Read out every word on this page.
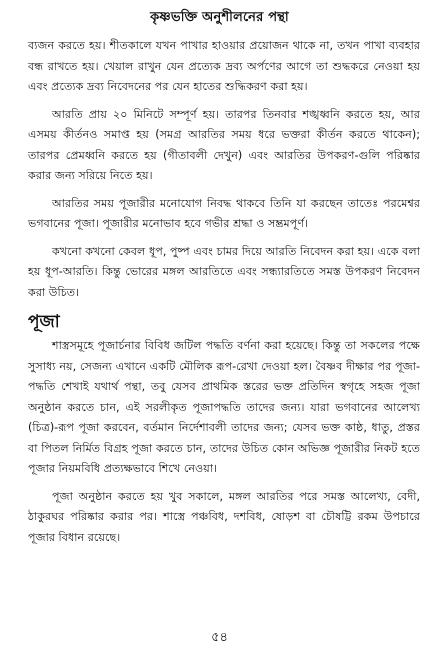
কৃষ্ণভক্তি অনুশীলনের পন্থা

ব্যজন করতে হয়। শীতকালে যখন পাখার হাওয়ার প্রয়োজন থাকে না, তখন পাখা ব্যবহার বন্ধ রাখতে হয়। খেয়াল রাখুন যেন প্রত্যেক দ্রব্য অর্পণের আগে তা শুদ্ধকরে নেওয়া হয় এবং প্রত্যেক দ্রব্য নিবেদনের পর যেন হাতের শুদ্ধিকরণ করা হয়।

আরতি প্রায় ২০ মিনিটে সম্পূর্ণ হয়। তারপর তিনবার শঙ্খধ্বনি করতে হয়, আর এসময় কীর্তনও সমাপ্ত হয় (সমগ্র আরতির সময় ধরে ভক্তরা কীর্তন করতে থাকেন); তারপর প্রেমধ্বনি করতে হয় (গীতাবলী দেখুন) এবং আরতির উপকরণ-গুলি পরিষ্কার করার জন্য সরিয়ে নিতে হয়।

আরতির সময় পূজারীর মনোযোগ নিবদ্ধ থাকবে তিনি যা করছেন তাতেঃ পরমেশ্বর ভগবানের পূজা। পূজারীর মনোভাব হবে গভীর শ্রদ্ধা ও সম্ভ্রমপূর্ণ।

কখনো কখনো কেবল ধূপ, পুষ্প এবং চামর দিয়ে আরতি নিবেদন করা হয়। একে বলা হয় ধূপ-আরতি। কিন্তু ভোরের মঙ্গল আরতিতে এবং সন্ধ্যারতিতে সমস্ত উপকরণ নিবেদন করা উচিত।

পূজা

শাস্ত্রসমূহে পূজার্চনার বিবিধ জটিল পদ্ধতি বর্ণনা করা হয়েছে। কিন্তু তা সকলের পক্ষে সুসাধ্য নয়, সেজন্য এখানে একটি মৌলিক রূপ-রেখা দেওয়া হল। বৈষ্ণব দীক্ষার পর পূজা-পদ্ধতি শেখাই যথার্থ পন্থা, তবু যেসব প্রাথমিক স্তরের ভক্ত প্রতিদিন স্বগৃহে সহজ পূজা অনুষ্ঠান করতে চান, এই সরলীকৃত পূজাপদ্ধতি তাদের জন্য। যারা ভগবানের আলেখ্য (চিত্র)-রূপ পূজা করবেন, বর্তমান নির্দেশাবলী তাদের জন্য; যেসব ভক্ত কাষ্ঠ, ধাতু, প্রস্তর বা পিতল নির্মিত বিগ্রহ পূজা করতে চান, তাদের উচিত কোন অভিজ্ঞ পূজারীর নিকট হতে পূজার নিয়মবিধি প্রত্যক্ষভাবে শিখে নেওয়া।

পূজা অনুষ্ঠান করতে হয় খুব সকালে, মঙ্গল আরতির পরে সমস্ত আলেখ্য, বেদী, ঠাকুরঘর পরিষ্কার করার পর। শাস্ত্রে পঞ্চবিধ, দশবিধ, ষোড়শ বা চৌষট্টি রকম উপচারে পূজার বিধান রয়েছে।

৫৪
